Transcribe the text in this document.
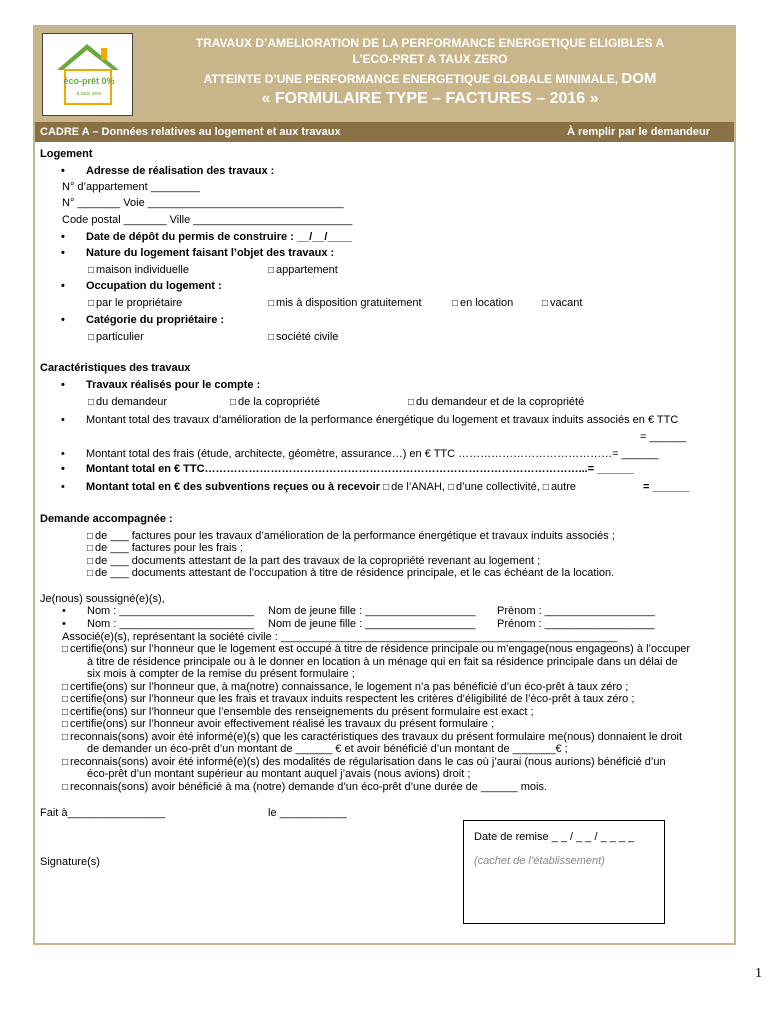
éco-prêt 0%
à taux zéro
TRAVAUX D’AMELIORATION DE LA PERFORMANCE ENERGETIQUE ELIGIBLES A
L’ECO-PRET A TAUX ZERO
ATTEINTE D’UNE PERFORMANCE ENERGETIQUE GLOBALE MINIMALE, DOM
« FORMULAIRE TYPE – FACTURES – 2016 »
CADRE A – Données relatives au logement et aux travaux	À remplir par le demandeur
Logement
• Adresse de réalisation des travaux :
N° d’appartement ________
N° _______ Voie ________________________________
Code postal _______ Ville __________________________
• Date de dépôt du permis de construire : __/__/____
• Nature du logement faisant l’objet des travaux :
□ maison individuelle	□ appartement
• Occupation du logement :
□ par le propriétaire	□ mis à disposition gratuitement	□ en location	□ vacant
• Catégorie du propriétaire :
□ particulier	□ société civile
Caractéristiques des travaux
• Travaux réalisés pour le compte :
□ du demandeur	□ de la copropriété	□ du demandeur et de la copropriété
• Montant total des travaux d’amélioration de la performance énergétique du logement et travaux induits associés en € TTC
= ______
• Montant total des frais (étude, architecte, géomètre, assurance…) en € TTC ……………………………………= ______
• Montant total en € TTC…………………………………………………………………………………………...= ______
• Montant total en € des subventions reçues ou à recevoir □ de l’ANAH, □ d’une collectivité, □ autre	= ______
Demande accompagnée :
□ de ___ factures pour les travaux d’amélioration de la performance énergétique et travaux induits associés ;
□ de ___ factures pour les frais ;
□ de ___ documents attestant de la part des travaux de la copropriété revenant au logement ;
□ de ___ documents attestant de l’occupation à titre de résidence principale, et le cas échéant de la location.
Je(nous) soussigné(e)(s),
• Nom : ______________________ Nom de jeune fille : __________________ Prénom : __________________
• Nom : ______________________ Nom de jeune fille : __________________ Prénom : __________________
Associé(e)(s), représentant la société civile : _______________________________________________________
□ certifie(ons) sur l’honneur que le logement est occupé à titre de résidence principale ou m’engage(nous engageons) à l’occuper
à titre de résidence principale ou à le donner en location à un ménage qui en fait sa résidence principale dans un délai de
six mois à compter de la remise du présent formulaire ;
□ certifie(ons) sur l’honneur que, à ma(notre) connaissance, le logement n’a pas bénéficié d’un éco-prêt à taux zéro ;
□ certifie(ons) sur l’honneur que les frais et travaux induits respectent les critères d’éligibilité de l’éco-prêt à taux zéro ;
□ certifie(ons) sur l’honneur que l’ensemble des renseignements du présent formulaire est exact ;
□ certifie(ons) sur l’honneur avoir effectivement réalisé les travaux du présent formulaire ;
□ reconnais(sons) avoir été informé(e)(s) que les caractéristiques des travaux du présent formulaire me(nous) donnaient le droit
de demander un éco-prêt d’un montant de ______ € et avoir bénéficié d’un montant de _______€ ;
□ reconnais(sons) avoir été informé(e)(s) des modalités de régularisation dans le cas où j’aurai (nous aurions) bénéficié d’un
éco-prêt d’un montant supérieur au montant auquel j’avais (nous avions) droit ;
□ reconnais(sons) avoir bénéficié à ma (notre) demande d’un éco-prêt d’une durée de ______ mois.
Fait à________________	le ___________
Signature(s)
Date de remise _ _ / _ _ / _ _ _ _
(cachet de l’établissement)
1
